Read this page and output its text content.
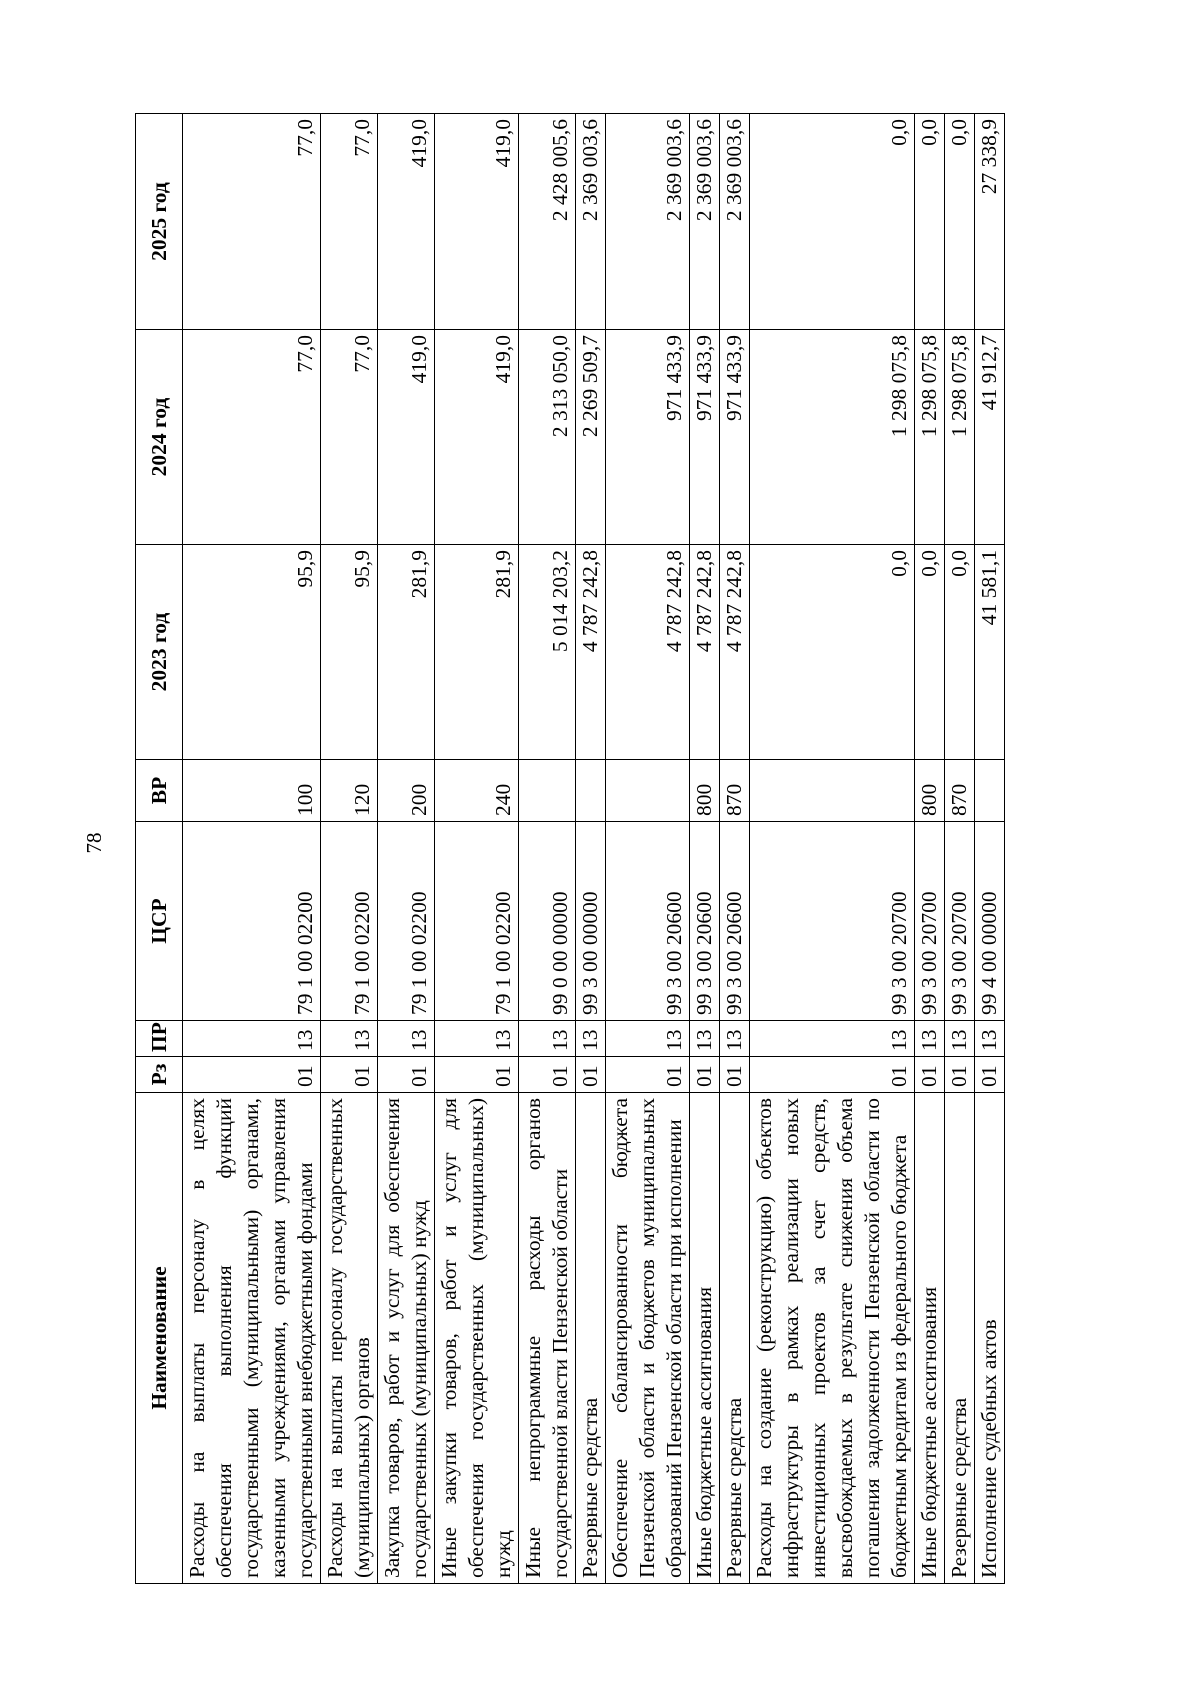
78
Наименование	Рз	ПР	ЦСР	ВР	2023 год	2024 год	2025 год
Расходы на выплаты персоналу в целях обеспечения выполнения функций государственными (муниципальными) органами, казенными учреждениями, органами управления государственными внебюджетными фондами	01	13	79 1 00 02200	100	95,9	77,0	77,0
Расходы на выплаты персоналу государственных (муниципальных) органов	01	13	79 1 00 02200	120	95,9	77,0	77,0
Закупка товаров, работ и услуг для обеспечения государственных (муниципальных) нужд	01	13	79 1 00 02200	200	281,9	419,0	419,0
Иные закупки товаров, работ и услуг для обеспечения государственных (муниципальных) нужд	01	13	79 1 00 02200	240	281,9	419,0	419,0
Иные непрограммные расходы органов государственной власти Пензенской области	01	13	99 0 00 00000		5 014 203,2	2 313 050,0	2 428 005,6
Резервные средства	01	13	99 3 00 00000		4 787 242,8	2 269 509,7	2 369 003,6
Обеспечение сбалансированности бюджета Пензенской области и бюджетов муниципальных образований Пензенской области при исполнении	01	13	99 3 00 20600		4 787 242,8	971 433,9	2 369 003,6
Иные бюджетные ассигнования	01	13	99 3 00 20600	800	4 787 242,8	971 433,9	2 369 003,6
Резервные средства	01	13	99 3 00 20600	870	4 787 242,8	971 433,9	2 369 003,6
Расходы на создание (реконструкцию) объектов инфраструктуры в рамках реализации новых инвестиционных проектов за счет средств, высвобождаемых в результате снижения объема погашения задолженности Пензенской области по бюджетным кредитам из федерального бюджета	01	13	99 3 00 20700		0,0	1 298 075,8	0,0
Иные бюджетные ассигнования	01	13	99 3 00 20700	800	0,0	1 298 075,8	0,0
Резервные средства	01	13	99 3 00 20700	870	0,0	1 298 075,8	0,0
Исполнение судебных актов	01	13	99 4 00 00000		41 581,1	41 912,7	27 338,9
